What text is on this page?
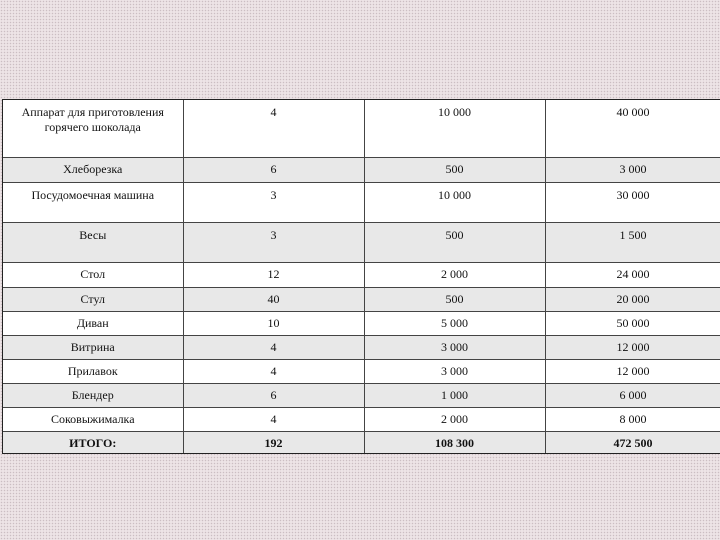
Аппарат для приготовления горячего шоколада	4	10 000	40 000
Хлеборезка	6	500	3 000
Посудомоечная машина	3	10 000	30 000
Весы	3	500	1 500
Стол	12	2 000	24 000
Стул	40	500	20 000
Диван	10	5 000	50 000
Витрина	4	3 000	12 000
Прилавок	4	3 000	12 000
Блендер	6	1 000	6 000
Соковыжималка	4	2 000	8 000
ИТОГО:	192	108 300	472 500
